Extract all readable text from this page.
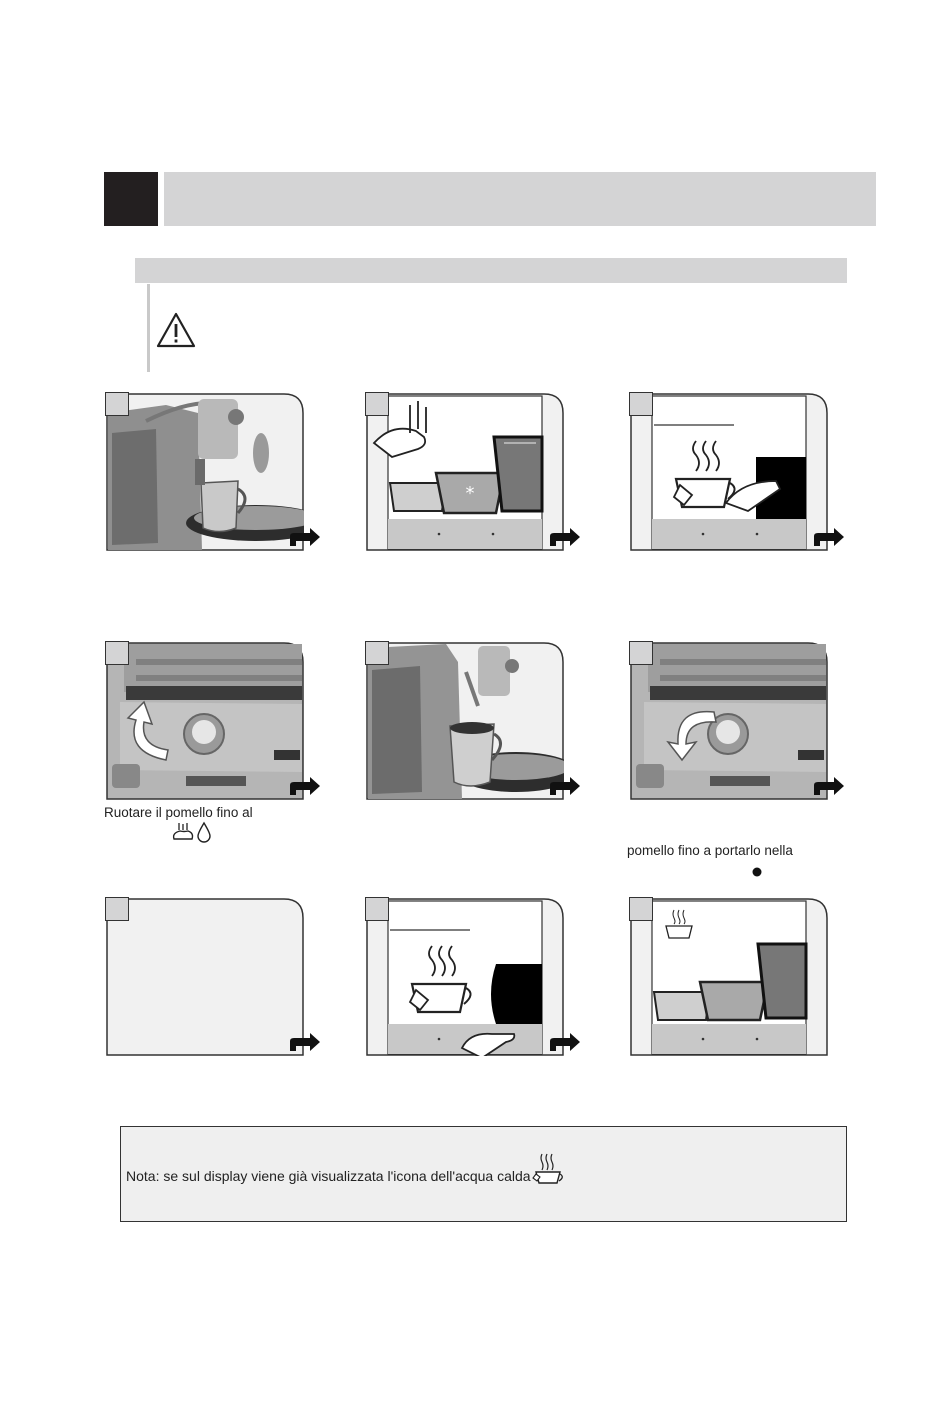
*
Ruotare il pomello fino al
pomello fino a portarlo nella
Nota: se sul display viene già visualizzata l'icona dell'acqua calda
